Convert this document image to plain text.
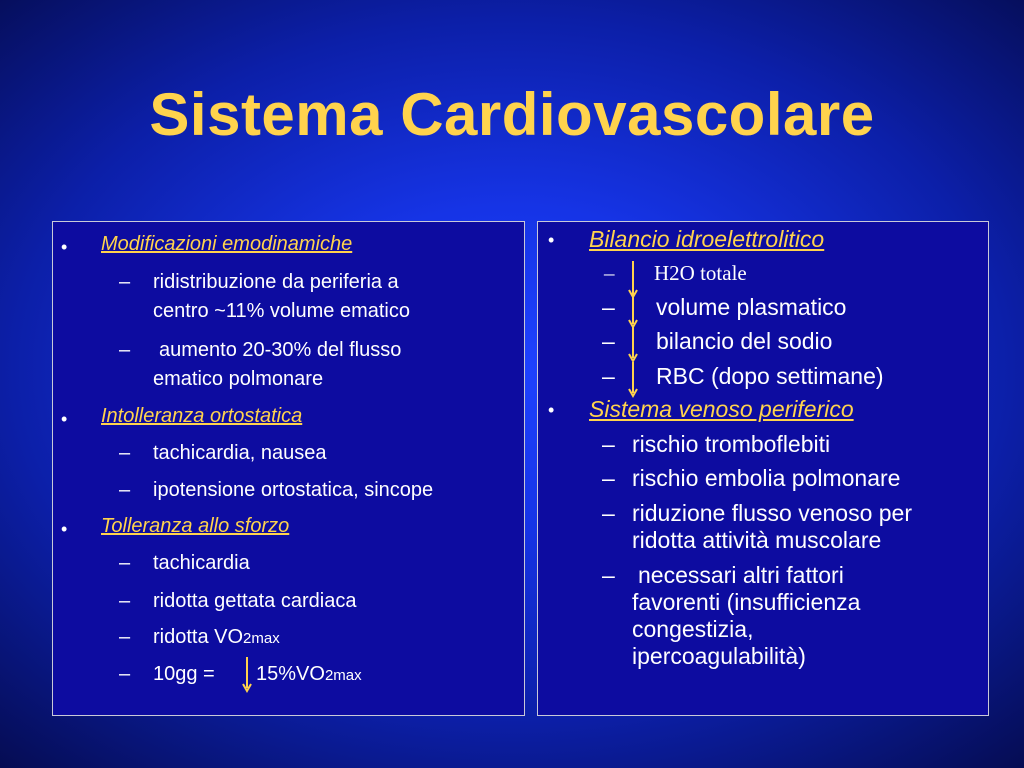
Sistema Cardiovascolare
• Modificazioni emodinamiche
– ridistribuzione da periferia a
centro ~11% volume ematico
– aumento 20-30% del flusso
ematico polmonare
• Intolleranza ortostatica
– tachicardia, nausea
– ipotensione ortostatica, sincope
• Tolleranza allo sforzo
– tachicardia
– ridotta gettata cardiaca
– ridotta VO2max
– 10gg = 15%VO2max
• Bilancio idroelettrolitico
– H2O totale
– volume plasmatico
– bilancio del sodio
– RBC (dopo settimane)
• Sistema venoso periferico
– rischio tromboflebiti
– rischio embolia polmonare
– riduzione flusso venoso per
ridotta attività muscolare
– necessari altri fattori
favorenti (insufficienza
congestizia,
ipercoagulabilità)
